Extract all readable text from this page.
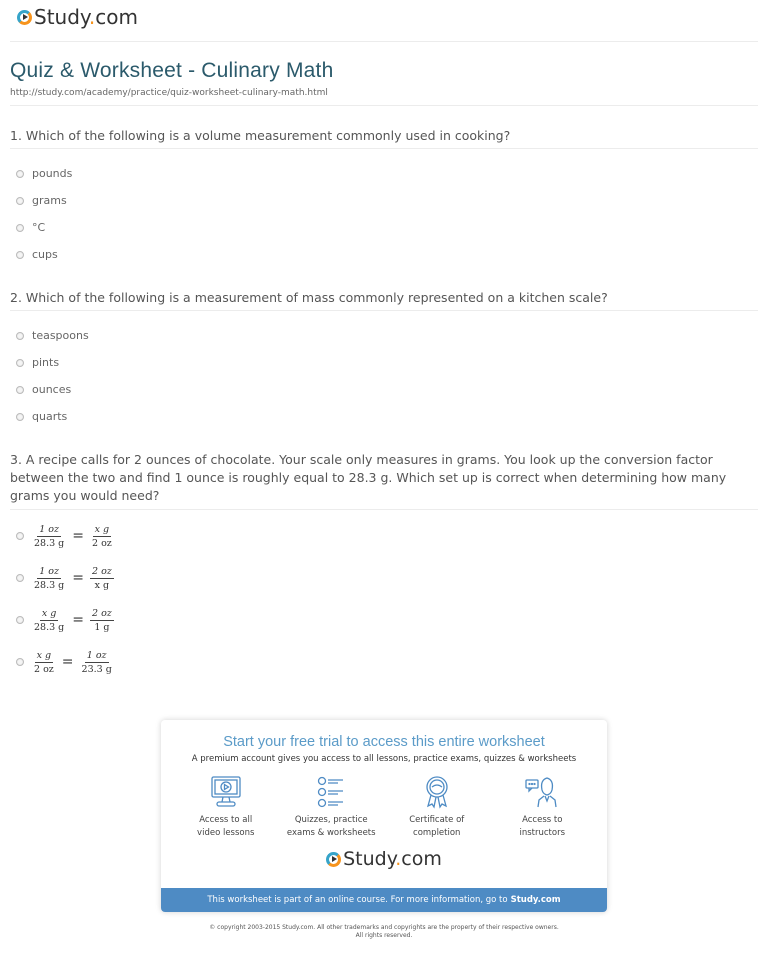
Study.com
Quiz & Worksheet - Culinary Math
http://study.com/academy/practice/quiz-worksheet-culinary-math.html
1. Which of the following is a volume measurement commonly used in cooking?
pounds
grams
°C
cups
2. Which of the following is a measurement of mass commonly represented on a kitchen scale?
teaspoons
pints
ounces
quarts
3. A recipe calls for 2 ounces of chocolate. Your scale only measures in grams. You look up the conversion factor between the two and find 1 ounce is roughly equal to 28.3 g. Which set up is correct when determining how many grams you would need?
$\frac{1 oz}{28.3 g} = \frac{\text{x g}}{2 oz}$
$\frac{1 oz}{28.3 g} = \frac{2 oz}{\text{x g}}$
$\frac{\text{x g}}{28.3 g} = \frac{2 oz}{1 g}$
$\frac{\text{x g}}{2 oz} = \frac{1 oz}{23.3 g}$
Start your free trial to access this entire worksheet
A premium account gives you access to all lessons, practice exams, quizzes & worksheets
Access to all
video lessons
Quizzes, practice
exams & worksheets
Certificate of
completion
Access to
instructors
Study.com
This worksheet is part of an online course. For more information, go to Study.com
© copyright 2003-2015 Study.com. All other trademarks and copyrights are the property of their respective owners.
All rights reserved.
